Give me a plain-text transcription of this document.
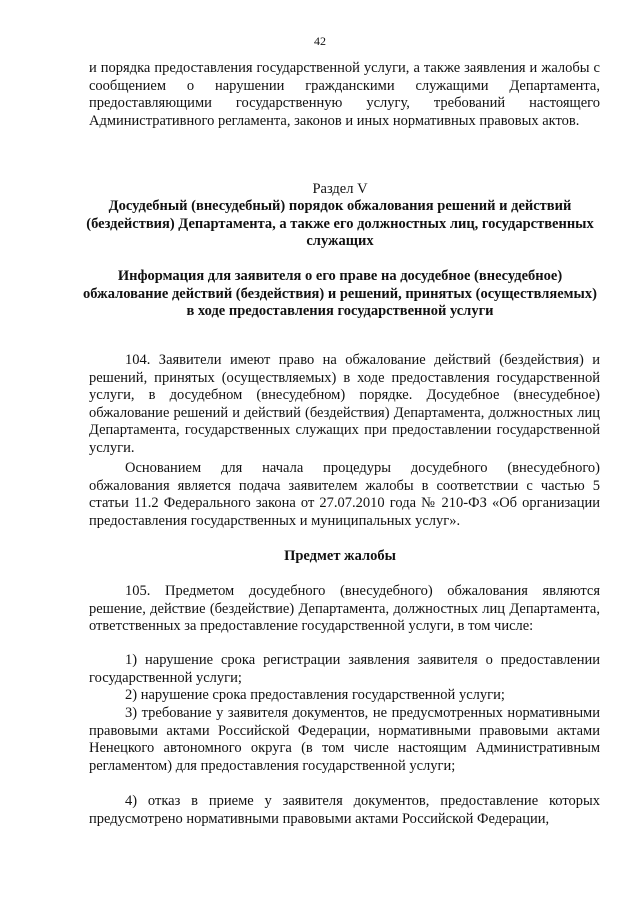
42

и порядка предоставления государственной услуги, а также заявления и жалобы с сообщением о нарушении гражданскими служащими Департамента, предоставляющими государственную услугу, требований настоящего Административного регламента, законов и иных нормативных правовых актов.

Раздел V

Досудебный (внесудебный) порядок обжалования решений и действий (бездействия) Департамента, а также его должностных лиц, государственных служащих

Информация для заявителя о его праве на досудебное (внесудебное) обжалование действий (бездействия) и решений, принятых (осуществляемых) в ходе предоставления государственной услуги

104. Заявители имеют право на обжалование действий (бездействия) и решений, принятых (осуществляемых) в ходе предоставления государственной услуги, в досудебном (внесудебном) порядке. Досудебное (внесудебное) обжалование решений и действий (бездействия) Департамента, должностных лиц Департамента, государственных служащих при предоставлении государственной услуги.

Основанием для начала процедуры досудебного (внесудебного) обжалования является подача заявителем жалобы в соответствии с частью 5 статьи 11.2 Федерального закона от 27.07.2010 года № 210-ФЗ «Об организации предоставления государственных и муниципальных услуг».

Предмет жалобы

105. Предметом досудебного (внесудебного) обжалования являются решение, действие (бездействие) Департамента, должностных лиц Департамента, ответственных за предоставление государственной услуги, в том числе:

1) нарушение срока регистрации заявления заявителя о предоставлении государственной услуги;

2) нарушение срока предоставления государственной услуги;

3) требование у заявителя документов, не предусмотренных нормативными правовыми актами Российской Федерации, нормативными правовыми актами Ненецкого автономного округа (в том числе настоящим Административным регламентом) для предоставления государственной услуги;

4) отказ в приеме у заявителя документов, предоставление которых предусмотрено нормативными правовыми актами Российской Федерации,
